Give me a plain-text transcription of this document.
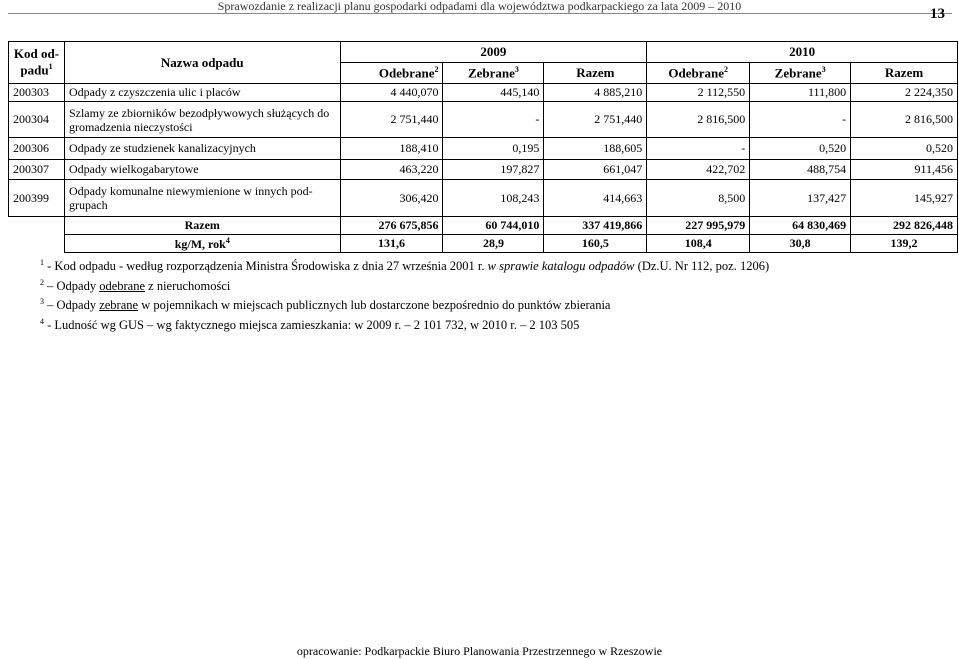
Sprawozdanie z realizacji planu gospodarki odpadami dla województwa podkarpackiego za lata 2009 – 2010	13
Kod od-padu$^1$	Nazwa odpadu	2009			2010		
		Odebrane$^2$	Zebrane$^3$	Razem	Odebrane$^2$	Zebrane$^3$	Razem
200303	Odpady z czyszczenia ulic i placów	4 440,070	445,140	4 885,210	2 112,550	111,800	2 224,350
200304	Szlamy ze zbiorników bezodpływowych służących do gromadzenia nieczystości	2 751,440	-	2 751,440	2 816,500	-	2 816,500
200306	Odpady ze studzienek kanalizacyjnych	188,410	0,195	188,605	-	0,520	0,520
200307	Odpady wielkogabarytowe	463,220	197,827	661,047	422,702	488,754	911,456
200399	Odpady komunalne niewymienione w innych pod-grupach	306,420	108,243	414,663	8,500	137,427	145,927
	Razem	276 675,856	60 744,010	337 419,866	227 995,979	64 830,469	292 826,448
	kg/M, rok$^4$	131,6	28,9	160,5	108,4	30,8	139,2
$^1$ - Kod odpadu - według rozporządzenia Ministra Środowiska z dnia 27 września 2001 r. w sprawie katalogu odpadów (Dz.U. Nr 112, poz. 1206)
$^2$ – Odpady odebrane z nieruchomości
$^3$ – Odpady zebrane w pojemnikach w miejscach publicznych lub dostarczone bezpośrednio do punktów zbierania
$^4$ - Ludność wg GUS – wg faktycznego miejsca zamieszkania: w 2009 r. – 2 101 732, w 2010 r. – 2 103 505
opracowanie: Podkarpackie Biuro Planowania Przestrzennego w Rzeszowie
